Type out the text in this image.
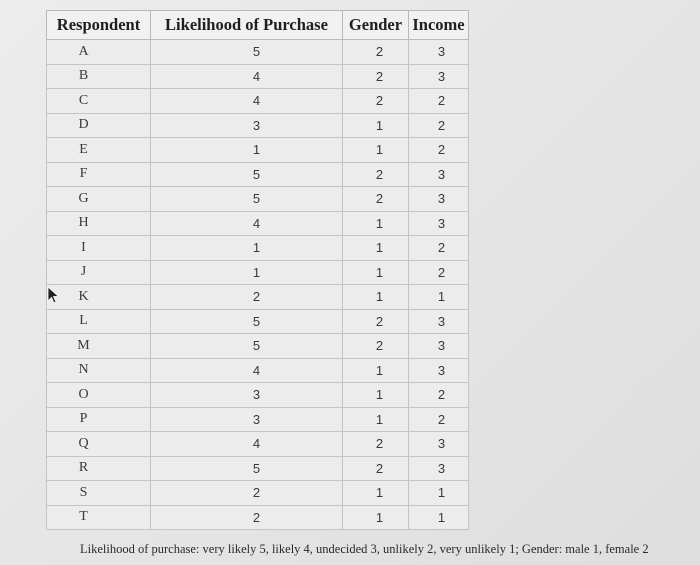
Respondent	Likelihood of Purchase	Gender	Income
A	5	2	3
B	4	2	3
C	4	2	2
D	3	1	2
E	1	1	2
F	5	2	3
G	5	2	3
H	4	1	3
I	1	1	2
J	1	1	2
K	2	1	1
L	5	2	3
M	5	2	3
N	4	1	3
O	3	1	2
P	3	1	2
Q	4	2	3
R	5	2	3
S	2	1	1
T	2	1	1
Likelihood of purchase: very likely 5, likely 4, undecided 3, unlikely 2, very unlikely 1; Gender: male 1, female 2
